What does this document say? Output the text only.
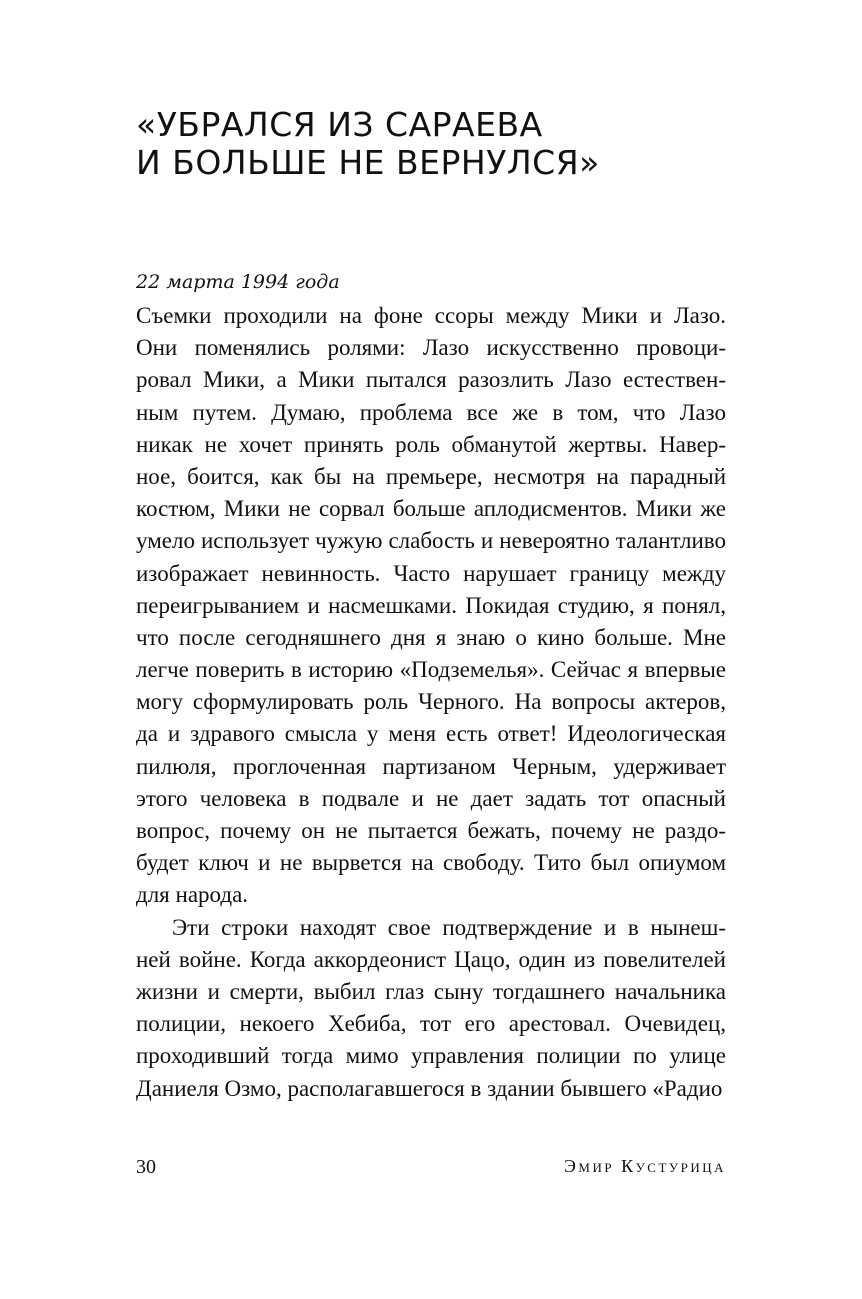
«УБРАЛСЯ ИЗ САРАЕВА
И БОЛЬШЕ НЕ ВЕРНУЛСЯ»

22 марта 1994 года

Съемки проходили на фоне ссоры между Мики и Лазо.
Они поменялись ролями: Лазо искусственно провоци-
ровал Мики, а Мики пытался разозлить Лазо естествен-
ным путем. Думаю, проблема все же в том, что Лазо
никак не хочет принять роль обманутой жертвы. Навер-
ное, боится, как бы на премьере, несмотря на парадный
костюм, Мики не сорвал больше аплодисментов. Мики же
умело использует чужую слабость и невероятно талантливо
изображает невинность. Часто нарушает границу между
переигрыванием и насмешками. Покидая студию, я понял,
что после сегодняшнего дня я знаю о кино больше. Мне
легче поверить в историю «Подземелья». Сейчас я впервые
могу сформулировать роль Черного. На вопросы актеров,
да и здравого смысла у меня есть ответ! Идеологическая
пилюля, проглоченная партизаном Черным, удерживает
этого человека в подвале и не дает задать тот опасный
вопрос, почему он не пытается бежать, почему не раздо-
будет ключ и не вырвется на свободу. Тито был опиумом
для народа.
Эти строки находят свое подтверждение и в нынеш-
ней войне. Когда аккордеонист Цацо, один из повелителей
жизни и смерти, выбил глаз сыну тогдашнего начальника
полиции, некоего Хебиба, тот его арестовал. Очевидец,
проходивший тогда мимо управления полиции по улице
Даниеля Озмо, располагавшегося в здании бывшего «Радио
30	Эмир Кустурица
